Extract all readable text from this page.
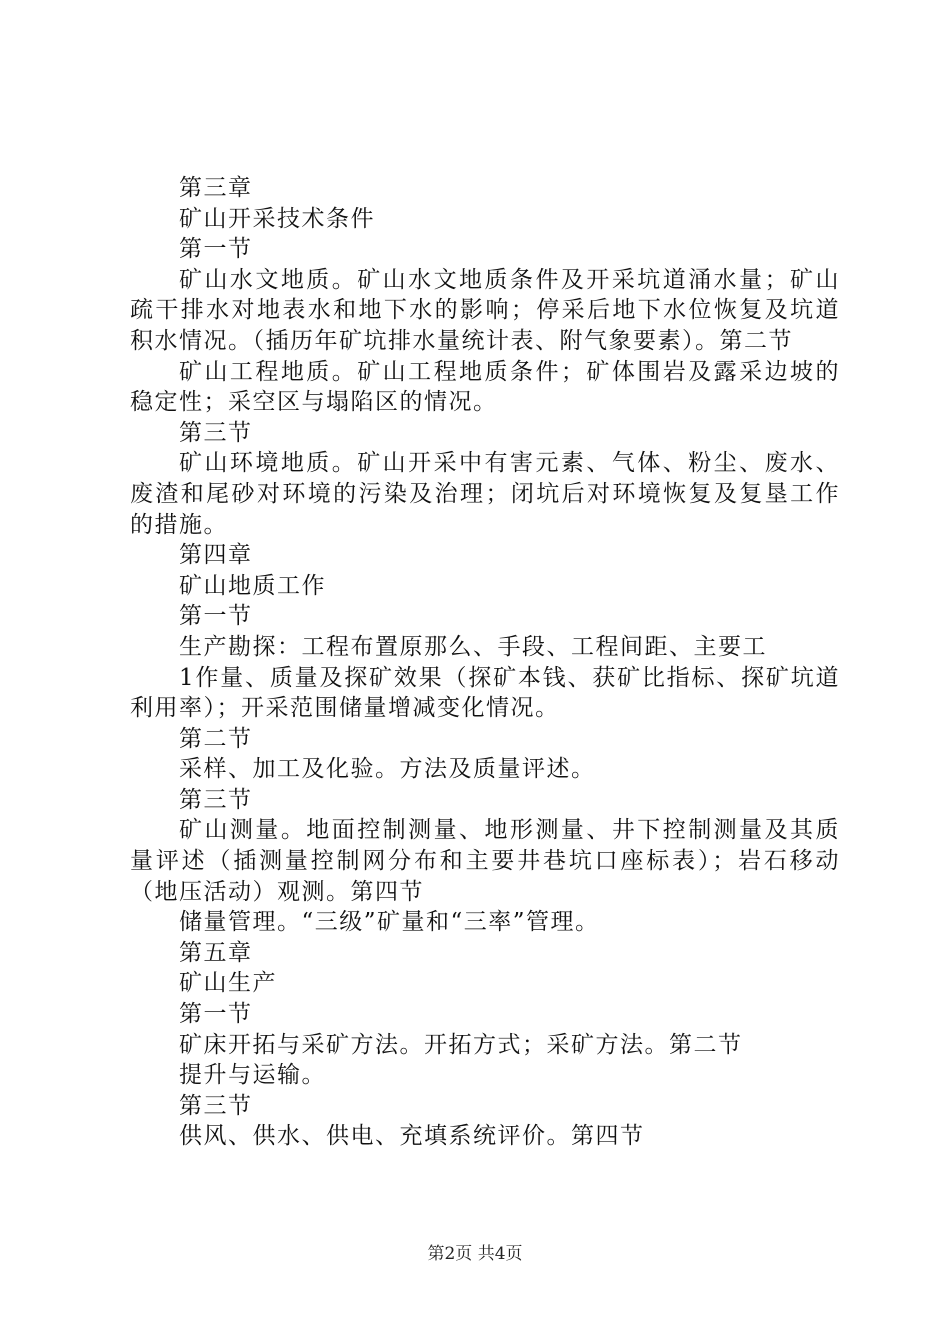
第三章

矿山开采技术条件

第一节

矿山水文地质。矿山水文地质条件及开采坑道涌水量；矿山疏干排水对地表水和地下水的影响；停采后地下水位恢复及坑道积水情况。（插历年矿坑排水量统计表、附气象要素）。第二节

矿山工程地质。矿山工程地质条件；矿体围岩及露采边坡的稳定性；采空区与塌陷区的情况。

第三节

矿山环境地质。矿山开采中有害元素、气体、粉尘、废水、废渣和尾砂对环境的污染及治理；闭坑后对环境恢复及复垦工作的措施。

第四章

矿山地质工作

第一节

生产勘探：工程布置原那么、手段、工程间距、主要工

1作量、质量及探矿效果（探矿本钱、获矿比指标、探矿坑道利用率）；开采范围储量增减变化情况。

第二节

采样、加工及化验。方法及质量评述。

第三节

矿山测量。地面控制测量、地形测量、井下控制测量及其质量评述（插测量控制网分布和主要井巷坑口座标表）；岩石移动（地压活动）观测。第四节

储量管理。“三级”矿量和“三率”管理。

第五章

矿山生产

第一节

矿床开拓与采矿方法。开拓方式；采矿方法。第二节

提升与运输。

第三节

供风、供水、供电、充填系统评价。第四节

第2页 共4页
